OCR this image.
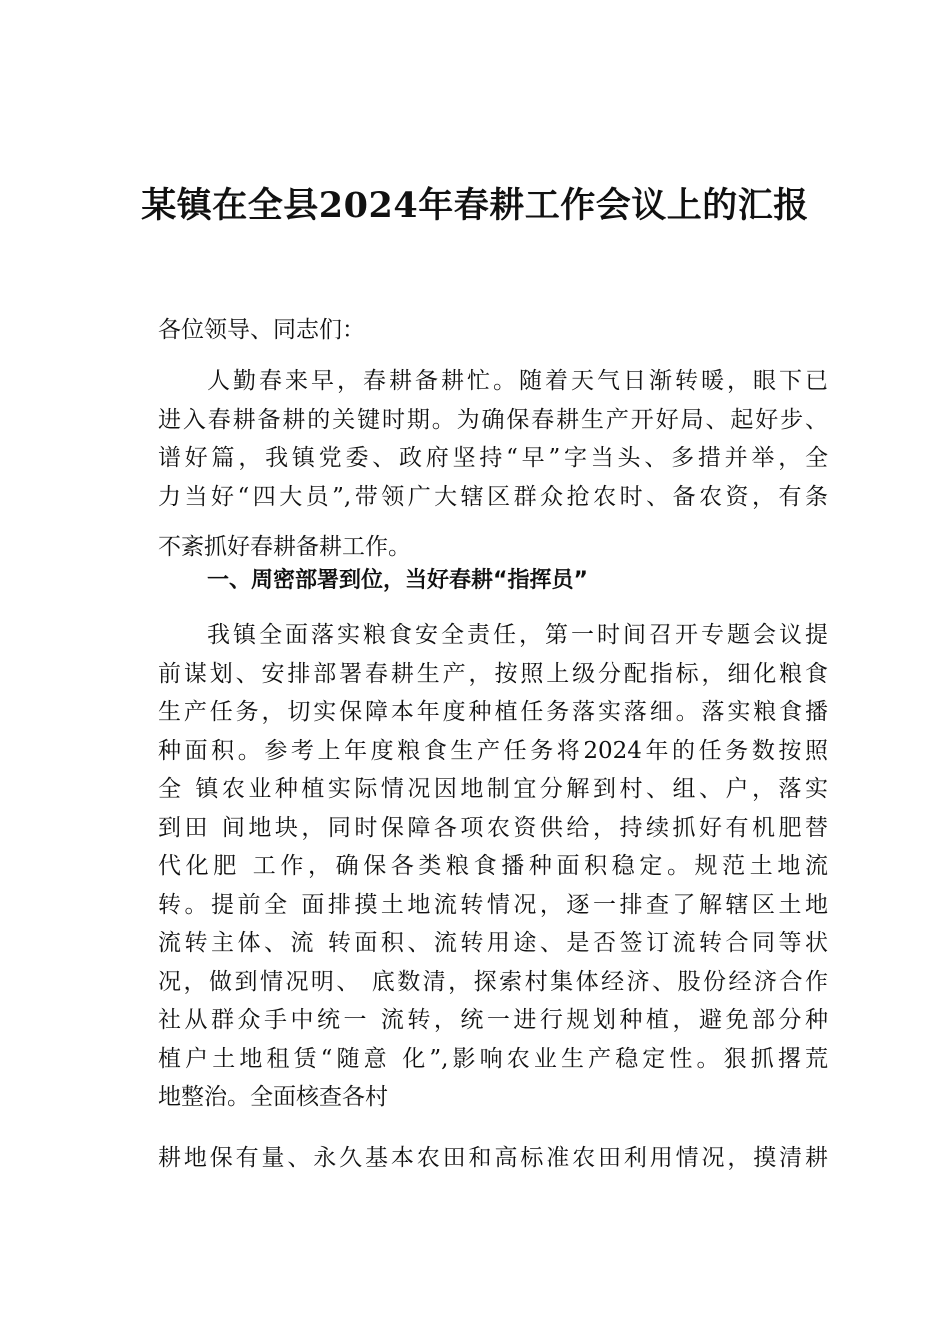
某镇在全县2024年春耕工作会议上的汇报
各位领导、同志们：
人勤春来早，春耕备耕忙。随着天气日渐转暖，眼下已
进入春耕备耕的关键时期。为确保春耕生产开好局、起好步、
谱好篇，我镇党委、政府坚持“早”字当头、多措并举，全
力当好“四大员”,带领广大辖区群众抢农时、备农资，有条
不紊抓好春耕备耕工作。
一、周密部署到位，当好春耕“指挥员”
我镇全面落实粮食安全责任，第一时间召开专题会议提
前谋划、安排部署春耕生产，按照上级分配指标，细化粮食
生产任务，切实保障本年度种植任务落实落细。落实粮食播
种面积。参考上年度粮食生产任务将2024年的任务数按照
全 镇农业种植实际情况因地制宜分解到村、组、户，落实
到田 间地块，同时保障各项农资供给，持续抓好有机肥替
代化肥 工作，确保各类粮食播种面积稳定。规范土地流
转。提前全 面排摸土地流转情况，逐一排查了解辖区土地
流转主体、流 转面积、流转用途、是否签订流转合同等状
况，做到情况明、 底数清，探索村集体经济、股份经济合作
社从群众手中统一 流转，统一进行规划种植，避免部分种
植户土地租赁“随意 化”,影响农业生产稳定性。狠抓撂荒
地整治。全面核查各村
耕地保有量、永久基本农田和高标准农田利用情况，摸清耕
